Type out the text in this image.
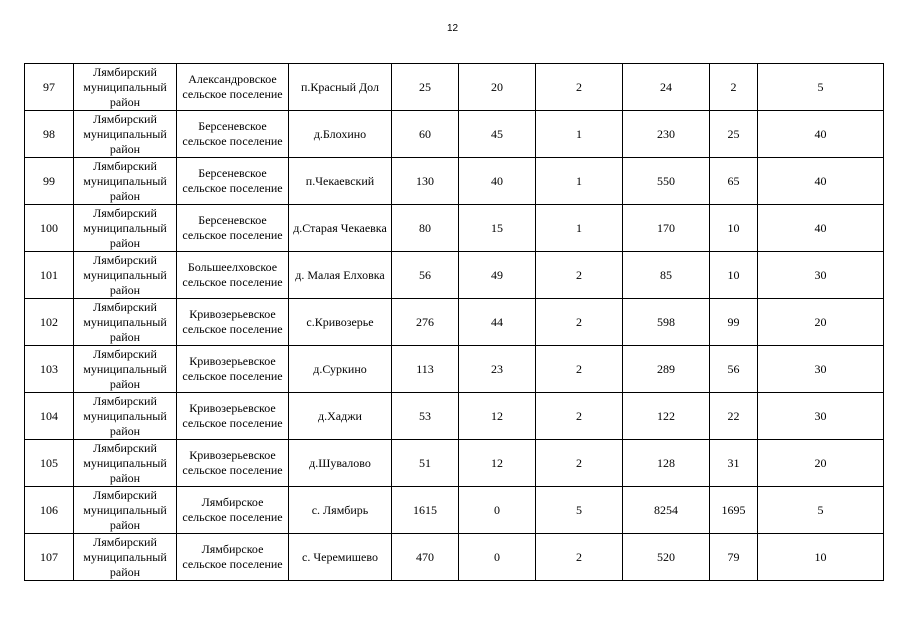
12
97	Лямбирский
муниципальный
район	Александровское
сельское поселение	п.Красный Дол	25	20	2	24	2	5
98	Лямбирский
муниципальный
район	Берсеневское
сельское поселение	д.Блохино	60	45	1	230	25	40
99	Лямбирский
муниципальный
район	Берсеневское
сельское поселение	п.Чекаевский	130	40	1	550	65	40
100	Лямбирский
муниципальный
район	Берсеневское
сельское поселение	д.Старая Чекаевка	80	15	1	170	10	40
101	Лямбирский
муниципальный
район	Большеелховское
сельское поселение	д. Малая Елховка	56	49	2	85	10	30
102	Лямбирский
муниципальный
район	Кривозерьевское
сельское поселение	с.Кривозерье	276	44	2	598	99	20
103	Лямбирский
муниципальный
район	Кривозерьевское
сельское поселение	д.Суркино	113	23	2	289	56	30
104	Лямбирский
муниципальный
район	Кривозерьевское
сельское поселение	д.Хаджи	53	12	2	122	22	30
105	Лямбирский
муниципальный
район	Кривозерьевское
сельское поселение	д.Шувалово	51	12	2	128	31	20
106	Лямбирский
муниципальный
район	Лямбирское
сельское поселение	с. Лямбирь	1615	0	5	8254	1695	5
107	Лямбирский
муниципальный
район	Лямбирское
сельское поселение	с. Черемишево	470	0	2	520	79	10
